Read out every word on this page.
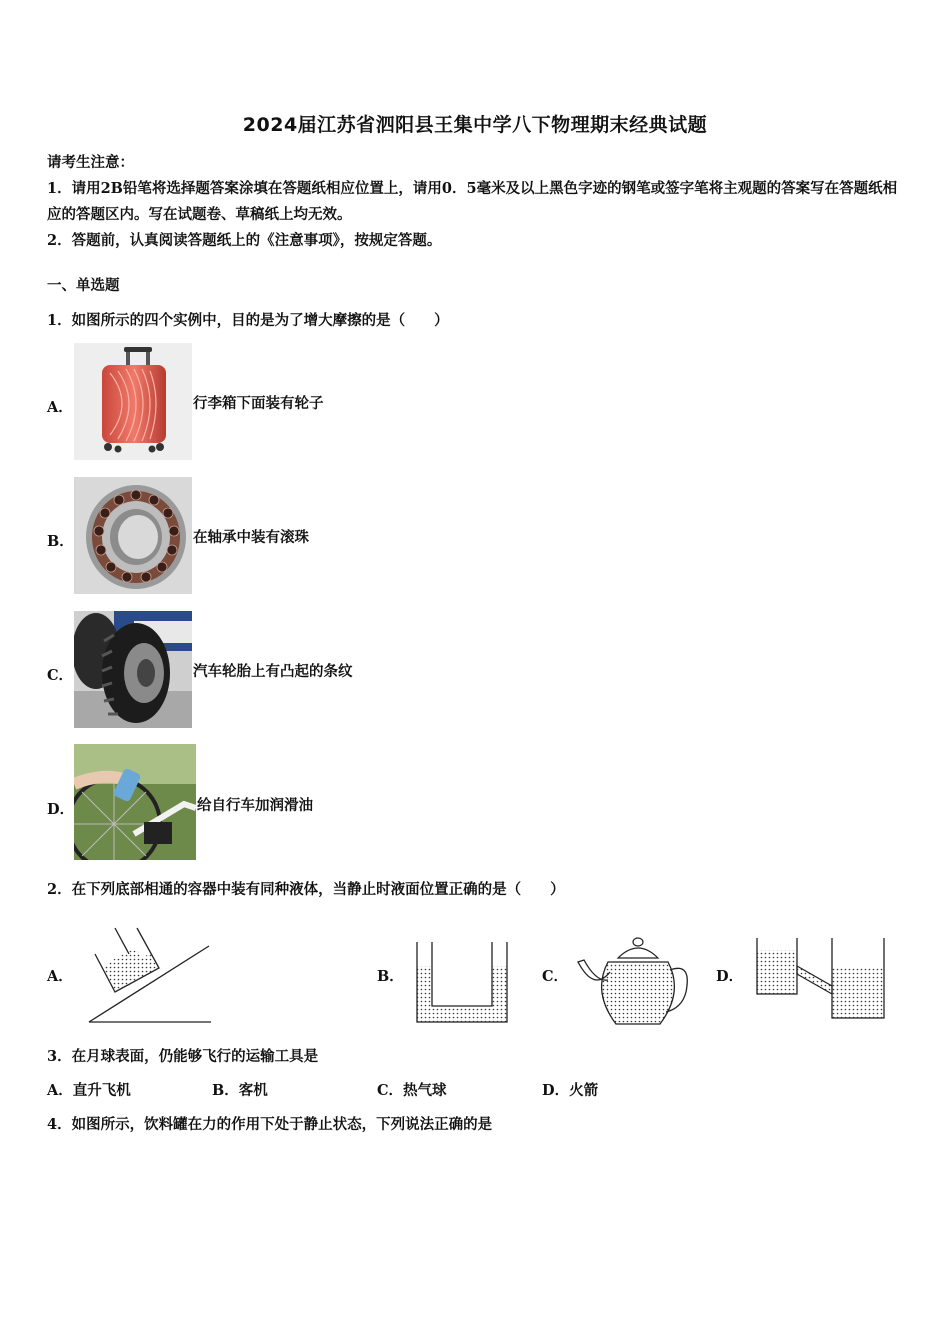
2024届江苏省泗阳县王集中学八下物理期末经典试题
请考生注意：
1．请用2B铅笔将选择题答案涂填在答题纸相应位置上，请用0．5毫米及以上黑色字迹的钢笔或签字笔将主观题的答案写在答题纸相应的答题区内。写在试题卷、草稿纸上均无效。
2．答题前，认真阅读答题纸上的《注意事项》，按规定答题。
一、单选题
1．如图所示的四个实例中，目的是为了增大摩擦的是（　　）
A．	行李箱下面装有轮子
B．	在轴承中装有滚珠
C．	汽车轮胎上有凸起的条纹
D．	给自行车加润滑油
2．在下列底部相通的容器中装有同种液体，当静止时液面位置正确的是（　　）
A．	B．	C．	D．
3．在月球表面，仍能够飞行的运输工具是
A．直升飞机	B．客机	C．热气球	D．火箭
4．如图所示，饮料罐在力的作用下处于静止状态，下列说法正确的是
